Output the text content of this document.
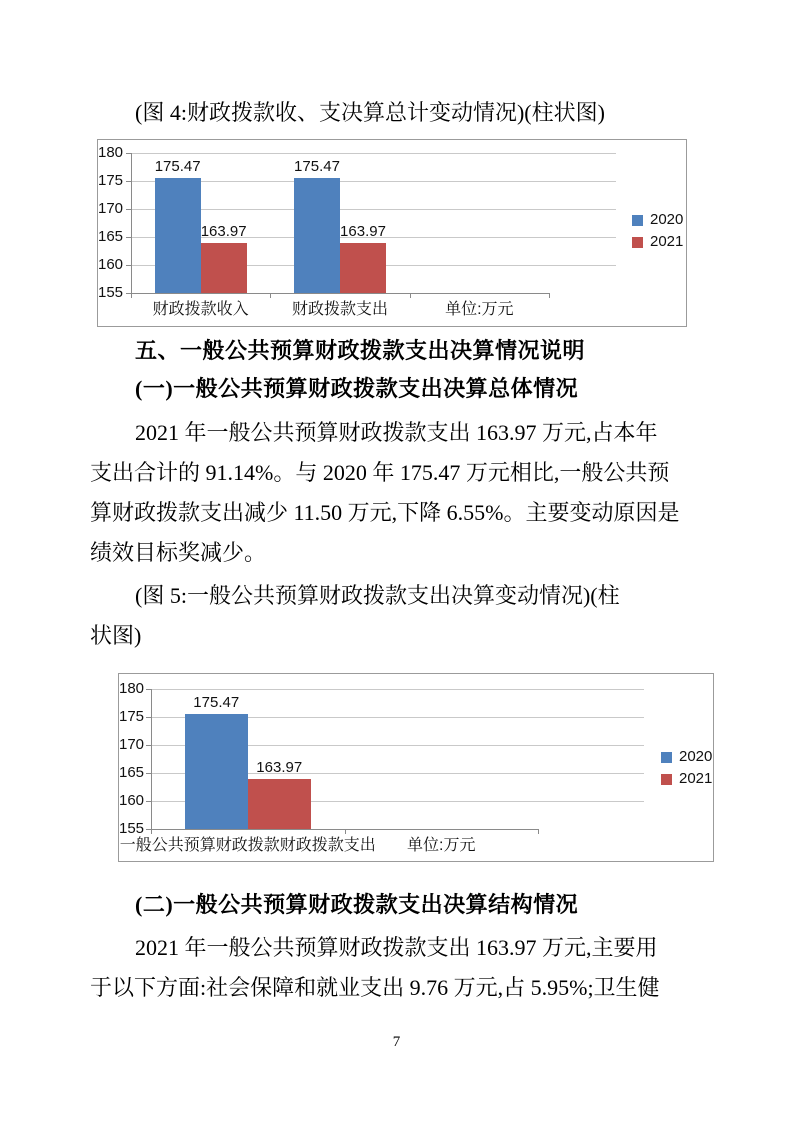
(图 4:财政拨款收、支决算总计变动情况)(柱状图)
155
160
165
170
175
180
财政拨款收入
175.47
163.97
财政拨款支出
175.47
163.97
单位:万元
2020
2021
五、一般公共预算财政拨款支出决算情况说明
(一)一般公共预算财政拨款支出决算总体情况
2021 年一般公共预算财政拨款支出 163.97 万元,占本年
支出合计的 91.14%。与 2020 年 175.47 万元相比,一般公共预
算财政拨款支出减少 11.50 万元,下降 6.55%。主要变动原因是
绩效目标奖减少。
(图 5:一般公共预算财政拨款支出决算变动情况)(柱
状图)
155
160
165
170
175
180
一般公共预算财政拨款财政拨款支出
175.47
163.97
单位:万元
2020
2021
(二)一般公共预算财政拨款支出决算结构情况
2021 年一般公共预算财政拨款支出 163.97 万元,主要用
于以下方面:社会保障和就业支出 9.76 万元,占 5.95%;卫生健
7
